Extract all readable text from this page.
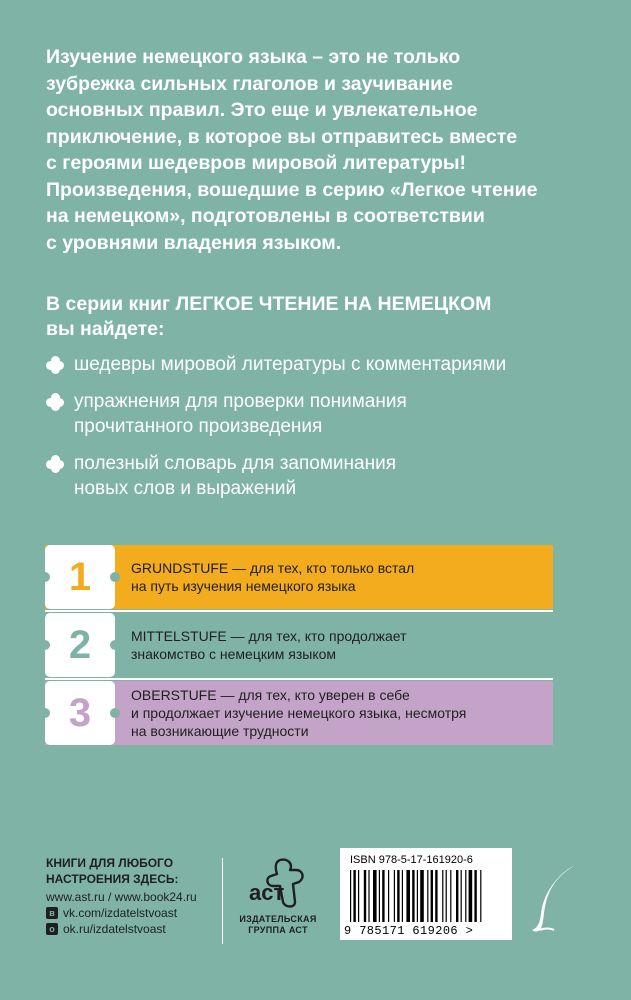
Изучение немецкого языка – это не только

зубрежка сильных глаголов и заучивание

основных правил. Это еще и увлекательное

приключение, в которое вы отправитесь вместе

с героями шедевров мировой литературы!

Произведения, вошедшие в серию «Легкое чтение

на немецком», подготовлены в соответствии

с уровнями владения языком.

В серии книг ЛЕГКОЕ ЧТЕНИЕ НА НЕМЕЦКОМ
вы найдете:
шедевры мировой литературы с комментариями
упражнения для проверки понимания
прочитанного произведения
полезный словарь для запоминания
новых слов и выражений
1	GRUNDSTUFE — для тех, кто только встал
на путь изучения немецкого языка
2	MITTELSTUFE — для тех, кто продолжает
знакомство с немецким языком
3	OBERSTUFE — для тех, кто уверен в себе
и продолжает изучение немецкого языка, несмотря
на возникающие трудности
КНИГИ ДЛЯ ЛЮБОГО
НАСТРОЕНИЯ ЗДЕСЬ:
www.ast.ru / www.book24.ru
в vk.com/izdatelstvoast
о ok.ru/izdatelstvoast
аст
ИЗДАТЕЛЬСКАЯ
ГРУППА АСТ
ISBN 978-5-17-161920-6
9 785171 619206 >
